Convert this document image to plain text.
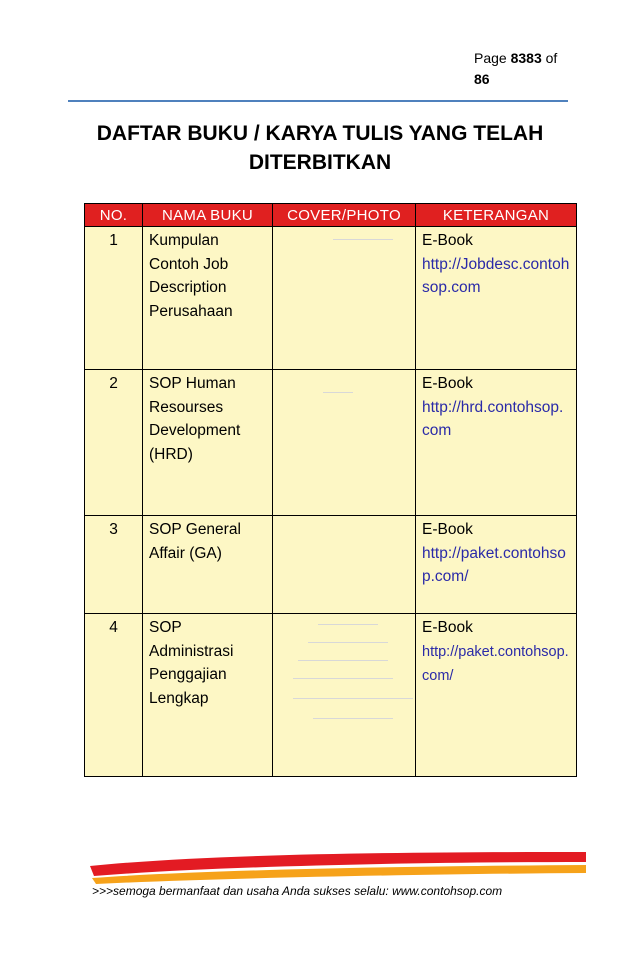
Page 8383 of
86
DAFTAR BUKU / KARYA TULIS YANG TELAH
DITERBITKAN
NO.	NAMA BUKU	COVER/PHOTO	KETERANGAN
1	Kumpulan Contoh Job Description Perusahaan		E-Book
http://Jobdesc.contohsop.com
2	SOP Human Resourses Development (HRD)		E-Book
http://hrd.contohsop.com
3	SOP General Affair (GA)		E-Book
http://paket.contohsop.com/
4	SOP Administrasi Penggajian Lengkap		E-Book
http://paket.contohsop.com/
>>>semoga bermanfaat dan usaha Anda sukses selalu: www.contohsop.com
